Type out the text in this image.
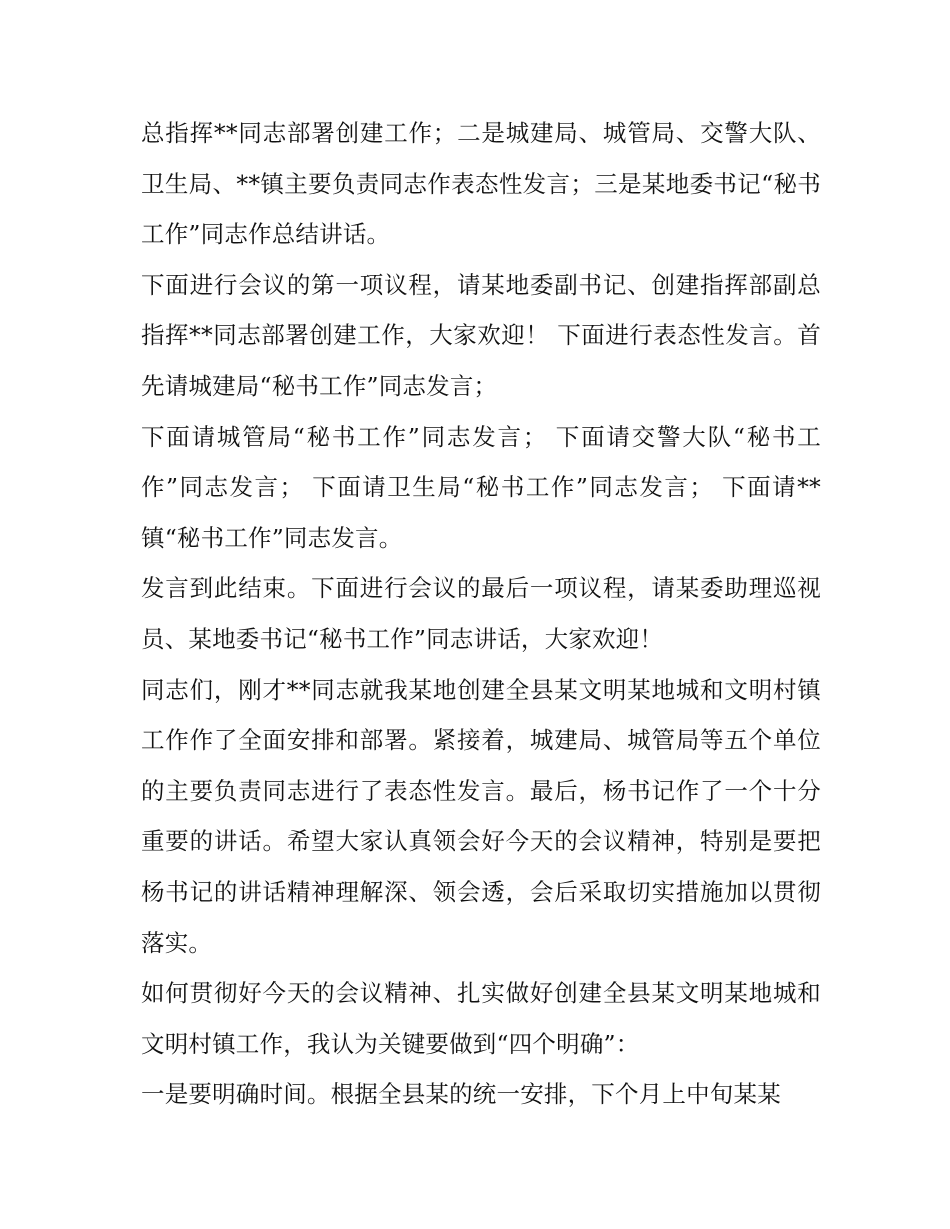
总指挥**同志部署创建工作；二是城建局、城管局、交警大队、卫生局、**镇主要负责同志作表态性发言；三是某地委书记“秘书工作”同志作总结讲话。

下面进行会议的第一项议程，请某地委副书记、创建指挥部副总指挥**同志部署创建工作，大家欢迎！ 下面进行表态性发言。首先请城建局“秘书工作”同志发言；

下面请城管局“秘书工作”同志发言； 下面请交警大队“秘书工作”同志发言； 下面请卫生局“秘书工作”同志发言； 下面请**镇“秘书工作”同志发言。

发言到此结束。下面进行会议的最后一项议程，请某委助理巡视员、某地委书记“秘书工作”同志讲话，大家欢迎！

同志们，刚才**同志就我某地创建全县某文明某地城和文明村镇工作作了全面安排和部署。紧接着，城建局、城管局等五个单位的主要负责同志进行了表态性发言。最后，杨书记作了一个十分重要的讲话。希望大家认真领会好今天的会议精神，特别是要把杨书记的讲话精神理解深、领会透，会后采取切实措施加以贯彻落实。

如何贯彻好今天的会议精神、扎实做好创建全县某文明某地城和文明村镇工作，我认为关键要做到“四个明确”：

一是要明确时间。根据全县某的统一安排，下个月上中旬某某
